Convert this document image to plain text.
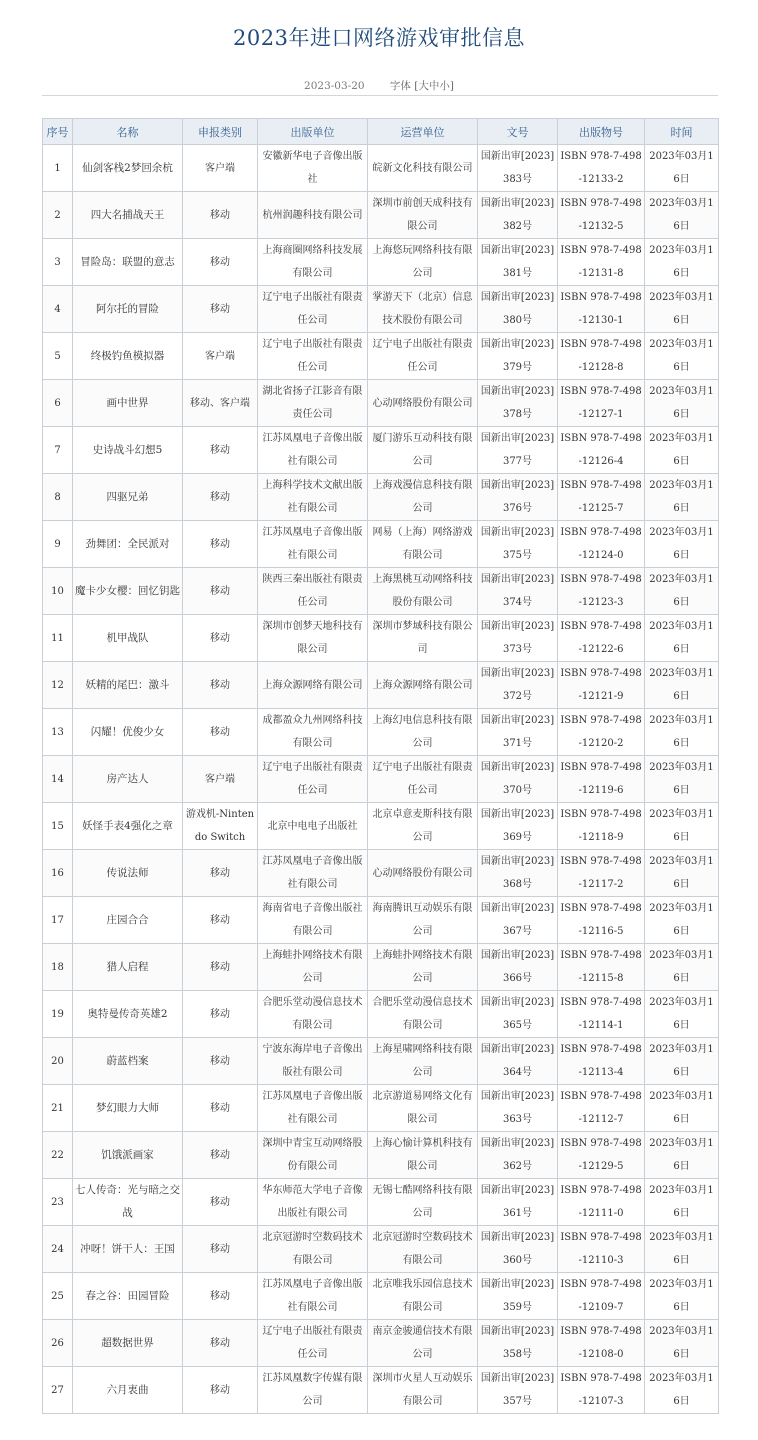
2023年进口网络游戏审批信息
2023-03-20 字体 [大中小]
序号	名称	申报类别	出版单位	运营单位	文号	出版物号	时间
1	仙剑客栈2梦回余杭	客户端	安徽新华电子音像出版社	皖新文化科技有限公司	国新出审[2023]383号	ISBN 978-7-498-12133-2	2023年03月16日
2	四大名捕战天王	移动	杭州润趣科技有限公司	深圳市前创天成科技有限公司	国新出审[2023]382号	ISBN 978-7-498-12132-5	2023年03月16日
3	冒险岛：联盟的意志	移动	上海商圈网络科技发展有限公司	上海悠玩网络科技有限公司	国新出审[2023]381号	ISBN 978-7-498-12131-8	2023年03月16日
4	阿尔托的冒险	移动	辽宁电子出版社有限责任公司	掌游天下（北京）信息技术股份有限公司	国新出审[2023]380号	ISBN 978-7-498-12130-1	2023年03月16日
5	终极钓鱼模拟器	客户端	辽宁电子出版社有限责任公司	辽宁电子出版社有限责任公司	国新出审[2023]379号	ISBN 978-7-498-12128-8	2023年03月16日
6	画中世界	移动、客户端	湖北省扬子江影音有限责任公司	心动网络股份有限公司	国新出审[2023]378号	ISBN 978-7-498-12127-1	2023年03月16日
7	史诗战斗幻想5	移动	江苏凤凰电子音像出版社有限公司	厦门游乐互动科技有限公司	国新出审[2023]377号	ISBN 978-7-498-12126-4	2023年03月16日
8	四驱兄弟	移动	上海科学技术文献出版社有限公司	上海戏漫信息科技有限公司	国新出审[2023]376号	ISBN 978-7-498-12125-7	2023年03月16日
9	劲舞团：全民派对	移动	江苏凤凰电子音像出版社有限公司	网易（上海）网络游戏有限公司	国新出审[2023]375号	ISBN 978-7-498-12124-0	2023年03月16日
10	魔卡少女樱：回忆钥匙	移动	陕西三秦出版社有限责任公司	上海黑桃互动网络科技股份有限公司	国新出审[2023]374号	ISBN 978-7-498-12123-3	2023年03月16日
11	机甲战队	移动	深圳市创梦天地科技有限公司	深圳市梦域科技有限公司	国新出审[2023]373号	ISBN 978-7-498-12122-6	2023年03月16日
12	妖精的尾巴：激斗	移动	上海众源网络有限公司	上海众源网络有限公司	国新出审[2023]372号	ISBN 978-7-498-12121-9	2023年03月16日
13	闪耀！优俊少女	移动	成都盈众九州网络科技有限公司	上海幻电信息科技有限公司	国新出审[2023]371号	ISBN 978-7-498-12120-2	2023年03月16日
14	房产达人	客户端	辽宁电子出版社有限责任公司	辽宁电子出版社有限责任公司	国新出审[2023]370号	ISBN 978-7-498-12119-6	2023年03月16日
15	妖怪手表4强化之章	游戏机-Nintendo Switch	北京中电电子出版社	北京卓意麦斯科技有限公司	国新出审[2023]369号	ISBN 978-7-498-12118-9	2023年03月16日
16	传说法师	移动	江苏凤凰电子音像出版社有限公司	心动网络股份有限公司	国新出审[2023]368号	ISBN 978-7-498-12117-2	2023年03月16日
17	庄园合合	移动	海南省电子音像出版社有限公司	海南腾讯互动娱乐有限公司	国新出审[2023]367号	ISBN 978-7-498-12116-5	2023年03月16日
18	猎人启程	移动	上海蛙扑网络技术有限公司	上海蛙扑网络技术有限公司	国新出审[2023]366号	ISBN 978-7-498-12115-8	2023年03月16日
19	奥特曼传奇英雄2	移动	合肥乐堂动漫信息技术有限公司	合肥乐堂动漫信息技术有限公司	国新出审[2023]365号	ISBN 978-7-498-12114-1	2023年03月16日
20	蔚蓝档案	移动	宁波东海岸电子音像出版社有限公司	上海星啸网络科技有限公司	国新出审[2023]364号	ISBN 978-7-498-12113-4	2023年03月16日
21	梦幻眼力大师	移动	江苏凤凰电子音像出版社有限公司	北京游道易网络文化有限公司	国新出审[2023]363号	ISBN 978-7-498-12112-7	2023年03月16日
22	饥饿派画家	移动	深圳中青宝互动网络股份有限公司	上海心愉计算机科技有限公司	国新出审[2023]362号	ISBN 978-7-498-12129-5	2023年03月16日
23	七人传奇：光与暗之交战	移动	华东师范大学电子音像出版社有限公司	无锡七酷网络科技有限公司	国新出审[2023]361号	ISBN 978-7-498-12111-0	2023年03月16日
24	冲呀！饼干人：王国	移动	北京冠游时空数码技术有限公司	北京冠游时空数码技术有限公司	国新出审[2023]360号	ISBN 978-7-498-12110-3	2023年03月16日
25	春之谷：田园冒险	移动	江苏凤凰电子音像出版社有限公司	北京唯我乐园信息技术有限公司	国新出审[2023]359号	ISBN 978-7-498-12109-7	2023年03月16日
26	超数据世界	移动	辽宁电子出版社有限责任公司	南京金骏通信技术有限公司	国新出审[2023]358号	ISBN 978-7-498-12108-0	2023年03月16日
27	六月衷曲	移动	江苏凤凰数字传媒有限公司	深圳市火星人互动娱乐有限公司	国新出审[2023]357号	ISBN 978-7-498-12107-3	2023年03月16日
